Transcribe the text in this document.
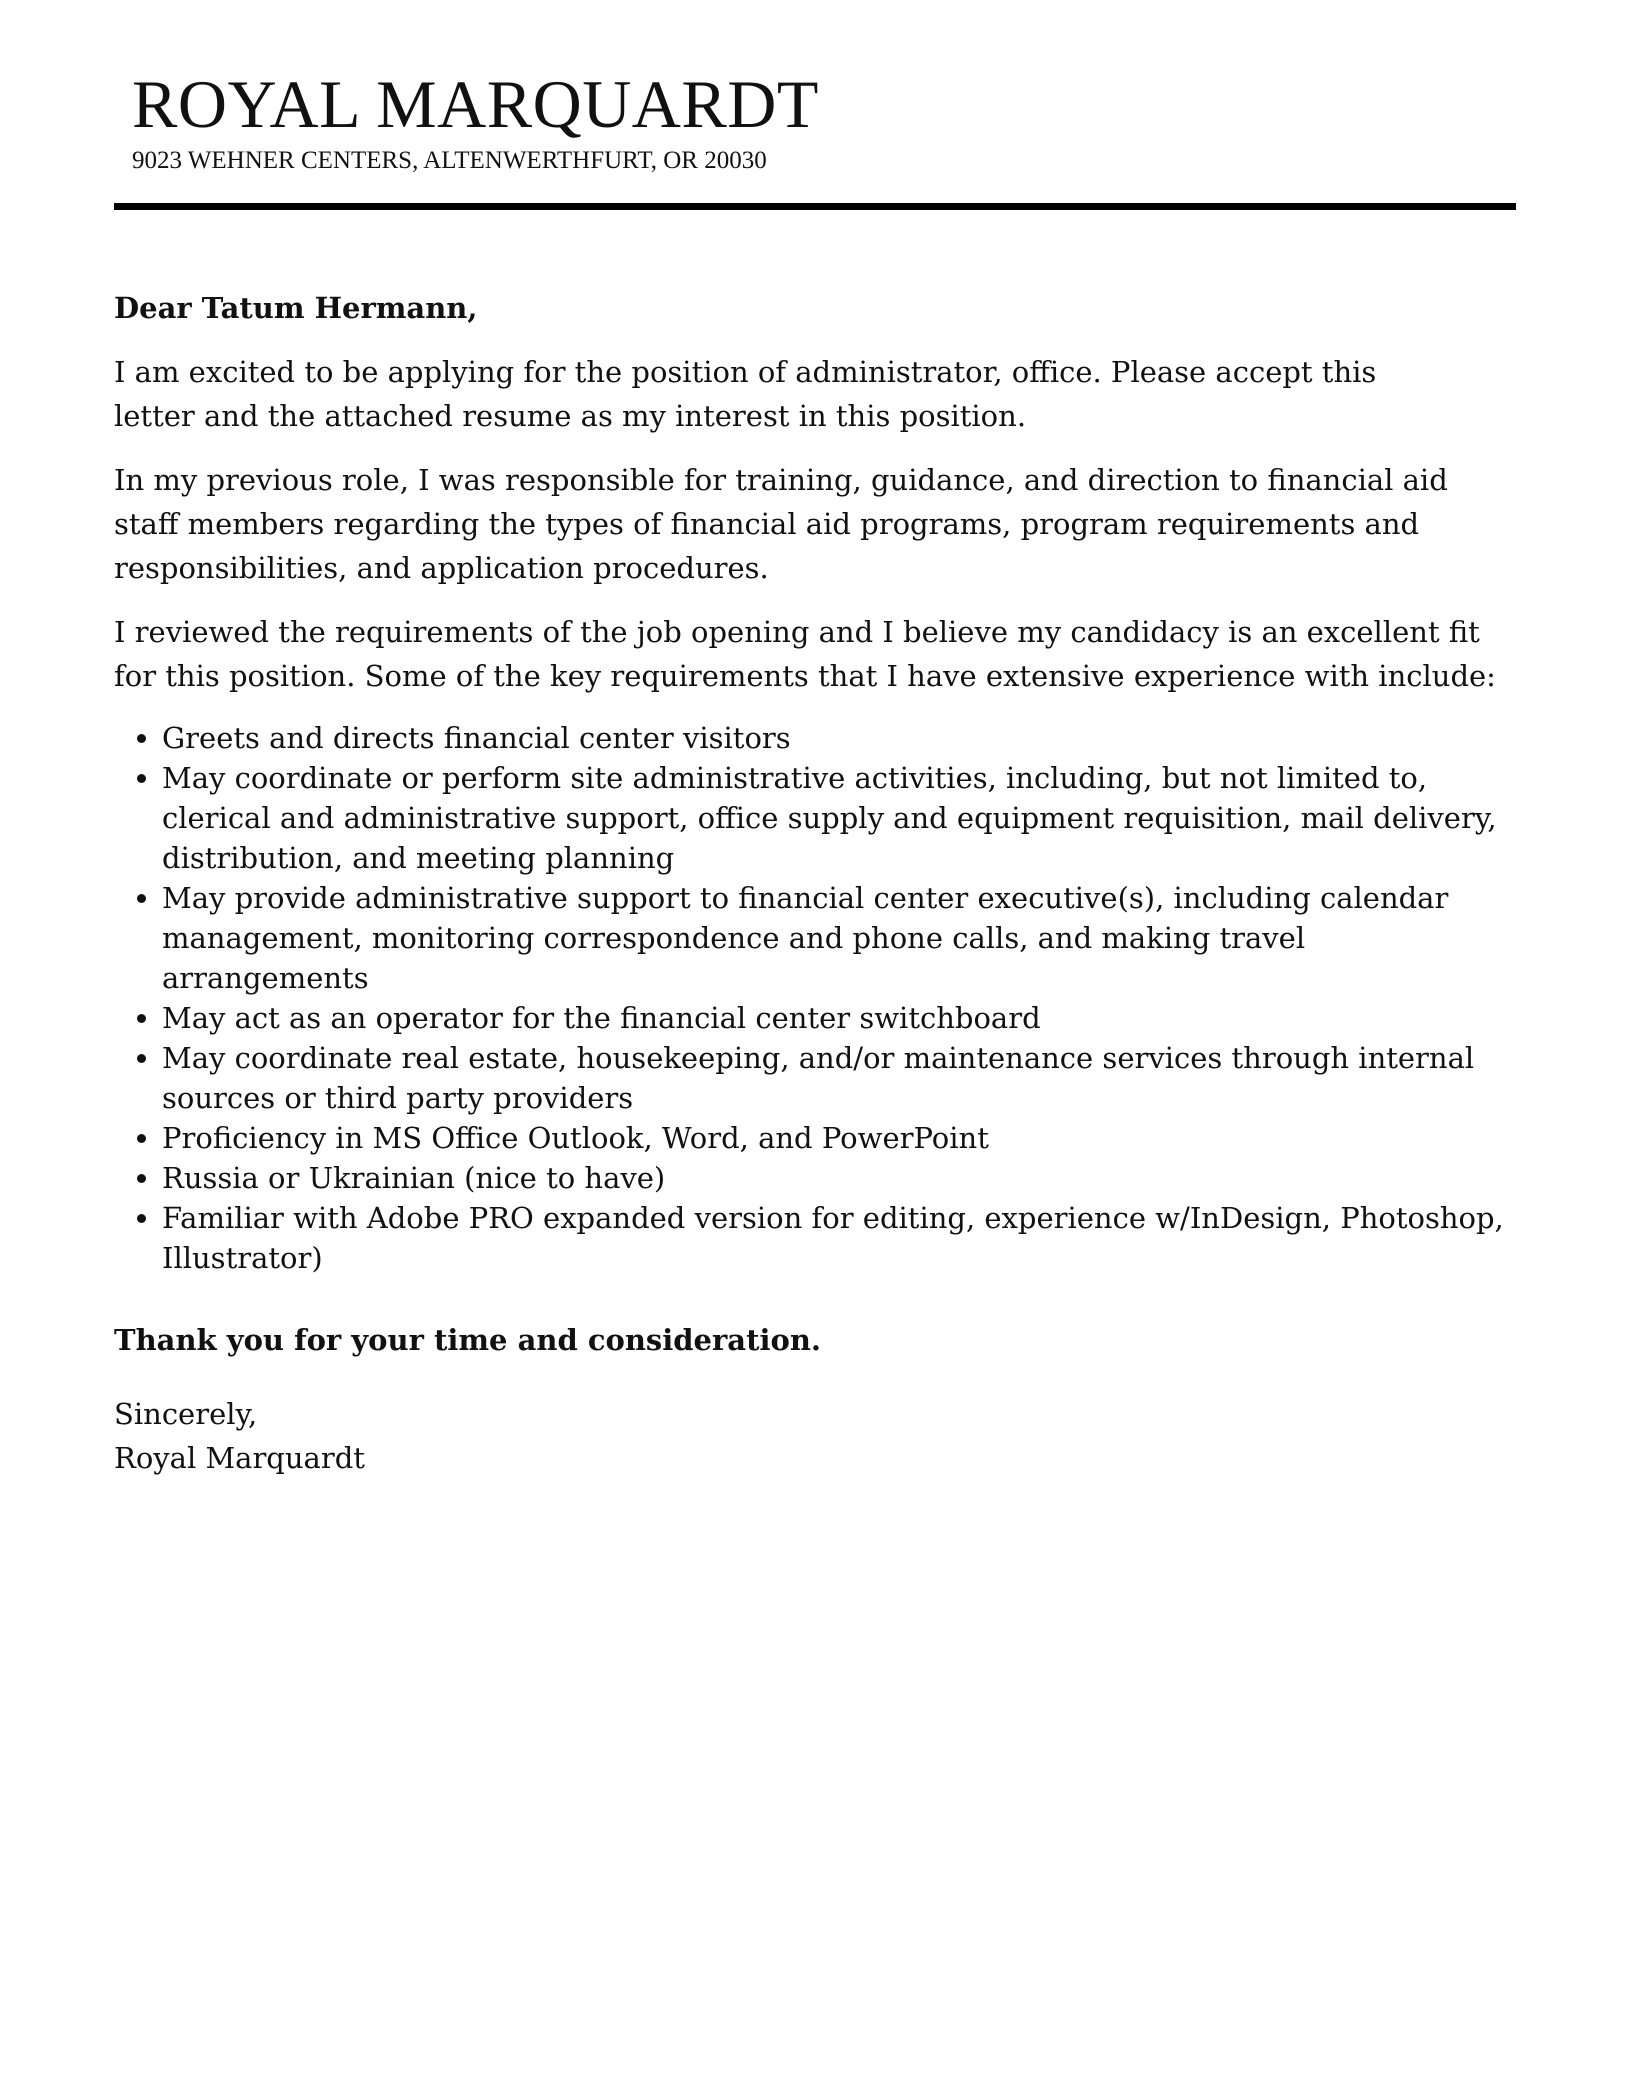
ROYAL MARQUARDT
9023 WEHNER CENTERS, ALTENWERTHFURT, OR 20030

Dear Tatum Hermann,

I am excited to be applying for the position of administrator, office. Please accept this letter and the attached resume as my interest in this position.

In my previous role, I was responsible for training, guidance, and direction to financial aid staff members regarding the types of financial aid programs, program requirements and responsibilities, and application procedures.

I reviewed the requirements of the job opening and I believe my candidacy is an excellent fit for this position. Some of the key requirements that I have extensive experience with include:

• Greets and directs financial center visitors
• May coordinate or perform site administrative activities, including, but not limited to, clerical and administrative support, office supply and equipment requisition, mail delivery, distribution, and meeting planning
• May provide administrative support to financial center executive(s), including calendar management, monitoring correspondence and phone calls, and making travel arrangements
• May act as an operator for the financial center switchboard
• May coordinate real estate, housekeeping, and/or maintenance services through internal sources or third party providers
• Proficiency in MS Office Outlook, Word, and PowerPoint
• Russia or Ukrainian (nice to have)
• Familiar with Adobe PRO expanded version for editing, experience w/InDesign, Photoshop, Illustrator)

Thank you for your time and consideration.

Sincerely,
Royal Marquardt
